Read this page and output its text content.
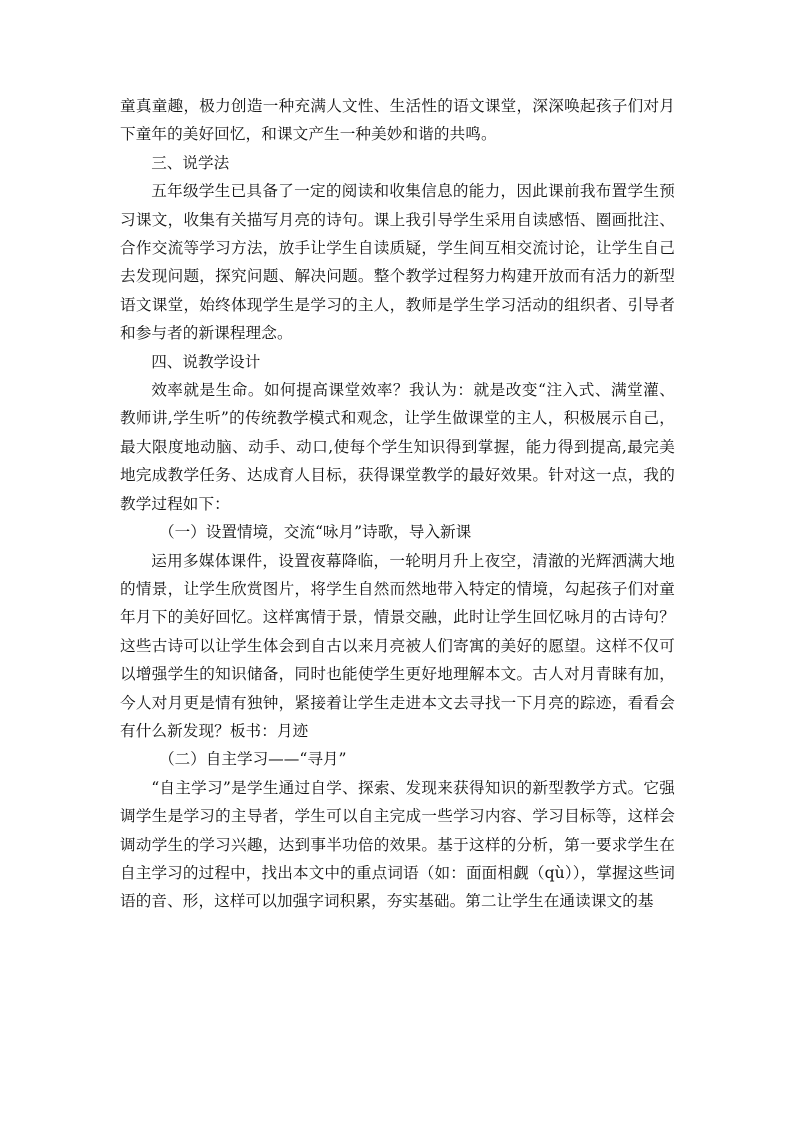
童真童趣，极力创造一种充满人文性、生活性的语文课堂，深深唤起孩子们对月下童年的美好回忆，和课文产生一种美妙和谐的共鸣。

三、说学法

五年级学生已具备了一定的阅读和收集信息的能力，因此课前我布置学生预习课文，收集有关描写月亮的诗句。课上我引导学生采用自读感悟、圈画批注、合作交流等学习方法，放手让学生自读质疑，学生间互相交流讨论，让学生自己去发现问题，探究问题、解决问题。整个教学过程努力构建开放而有活力的新型语文课堂，始终体现学生是学习的主人，教师是学生学习活动的组织者、引导者和参与者的新课程理念。

四、说教学设计

效率就是生命。如何提高课堂效率？我认为：就是改变“注入式、满堂灌、教师讲,学生听”的传统教学模式和观念，让学生做课堂的主人，积极展示自己，最大限度地动脑、动手、动口,使每个学生知识得到掌握，能力得到提高,最完美地完成教学任务、达成育人目标，获得课堂教学的最好效果。针对这一点，我的教学过程如下：

（一）设置情境，交流“咏月”诗歌，导入新课

运用多媒体课件，设置夜幕降临，一轮明月升上夜空，清澈的光辉洒满大地的情景，让学生欣赏图片，将学生自然而然地带入特定的情境，勾起孩子们对童年月下的美好回忆。这样寓情于景，情景交融，此时让学生回忆咏月的古诗句？这些古诗可以让学生体会到自古以来月亮被人们寄寓的美好的愿望。这样不仅可以增强学生的知识储备，同时也能使学生更好地理解本文。古人对月青睐有加，今人对月更是情有独钟，紧接着让学生走进本文去寻找一下月亮的踪迹，看看会有什么新发现？板书：月迹

（二）自主学习——“寻月”

“自主学习”是学生通过自学、探索、发现来获得知识的新型教学方式。它强调学生是学习的主导者，学生可以自主完成一些学习内容、学习目标等，这样会调动学生的学习兴趣，达到事半功倍的效果。基于这样的分析，第一要求学生在自主学习的过程中，找出本文中的重点词语（如：面面相觑（qù）），掌握这些词语的音、形，这样可以加强字词积累，夯实基础。第二让学生在通读课文的基
